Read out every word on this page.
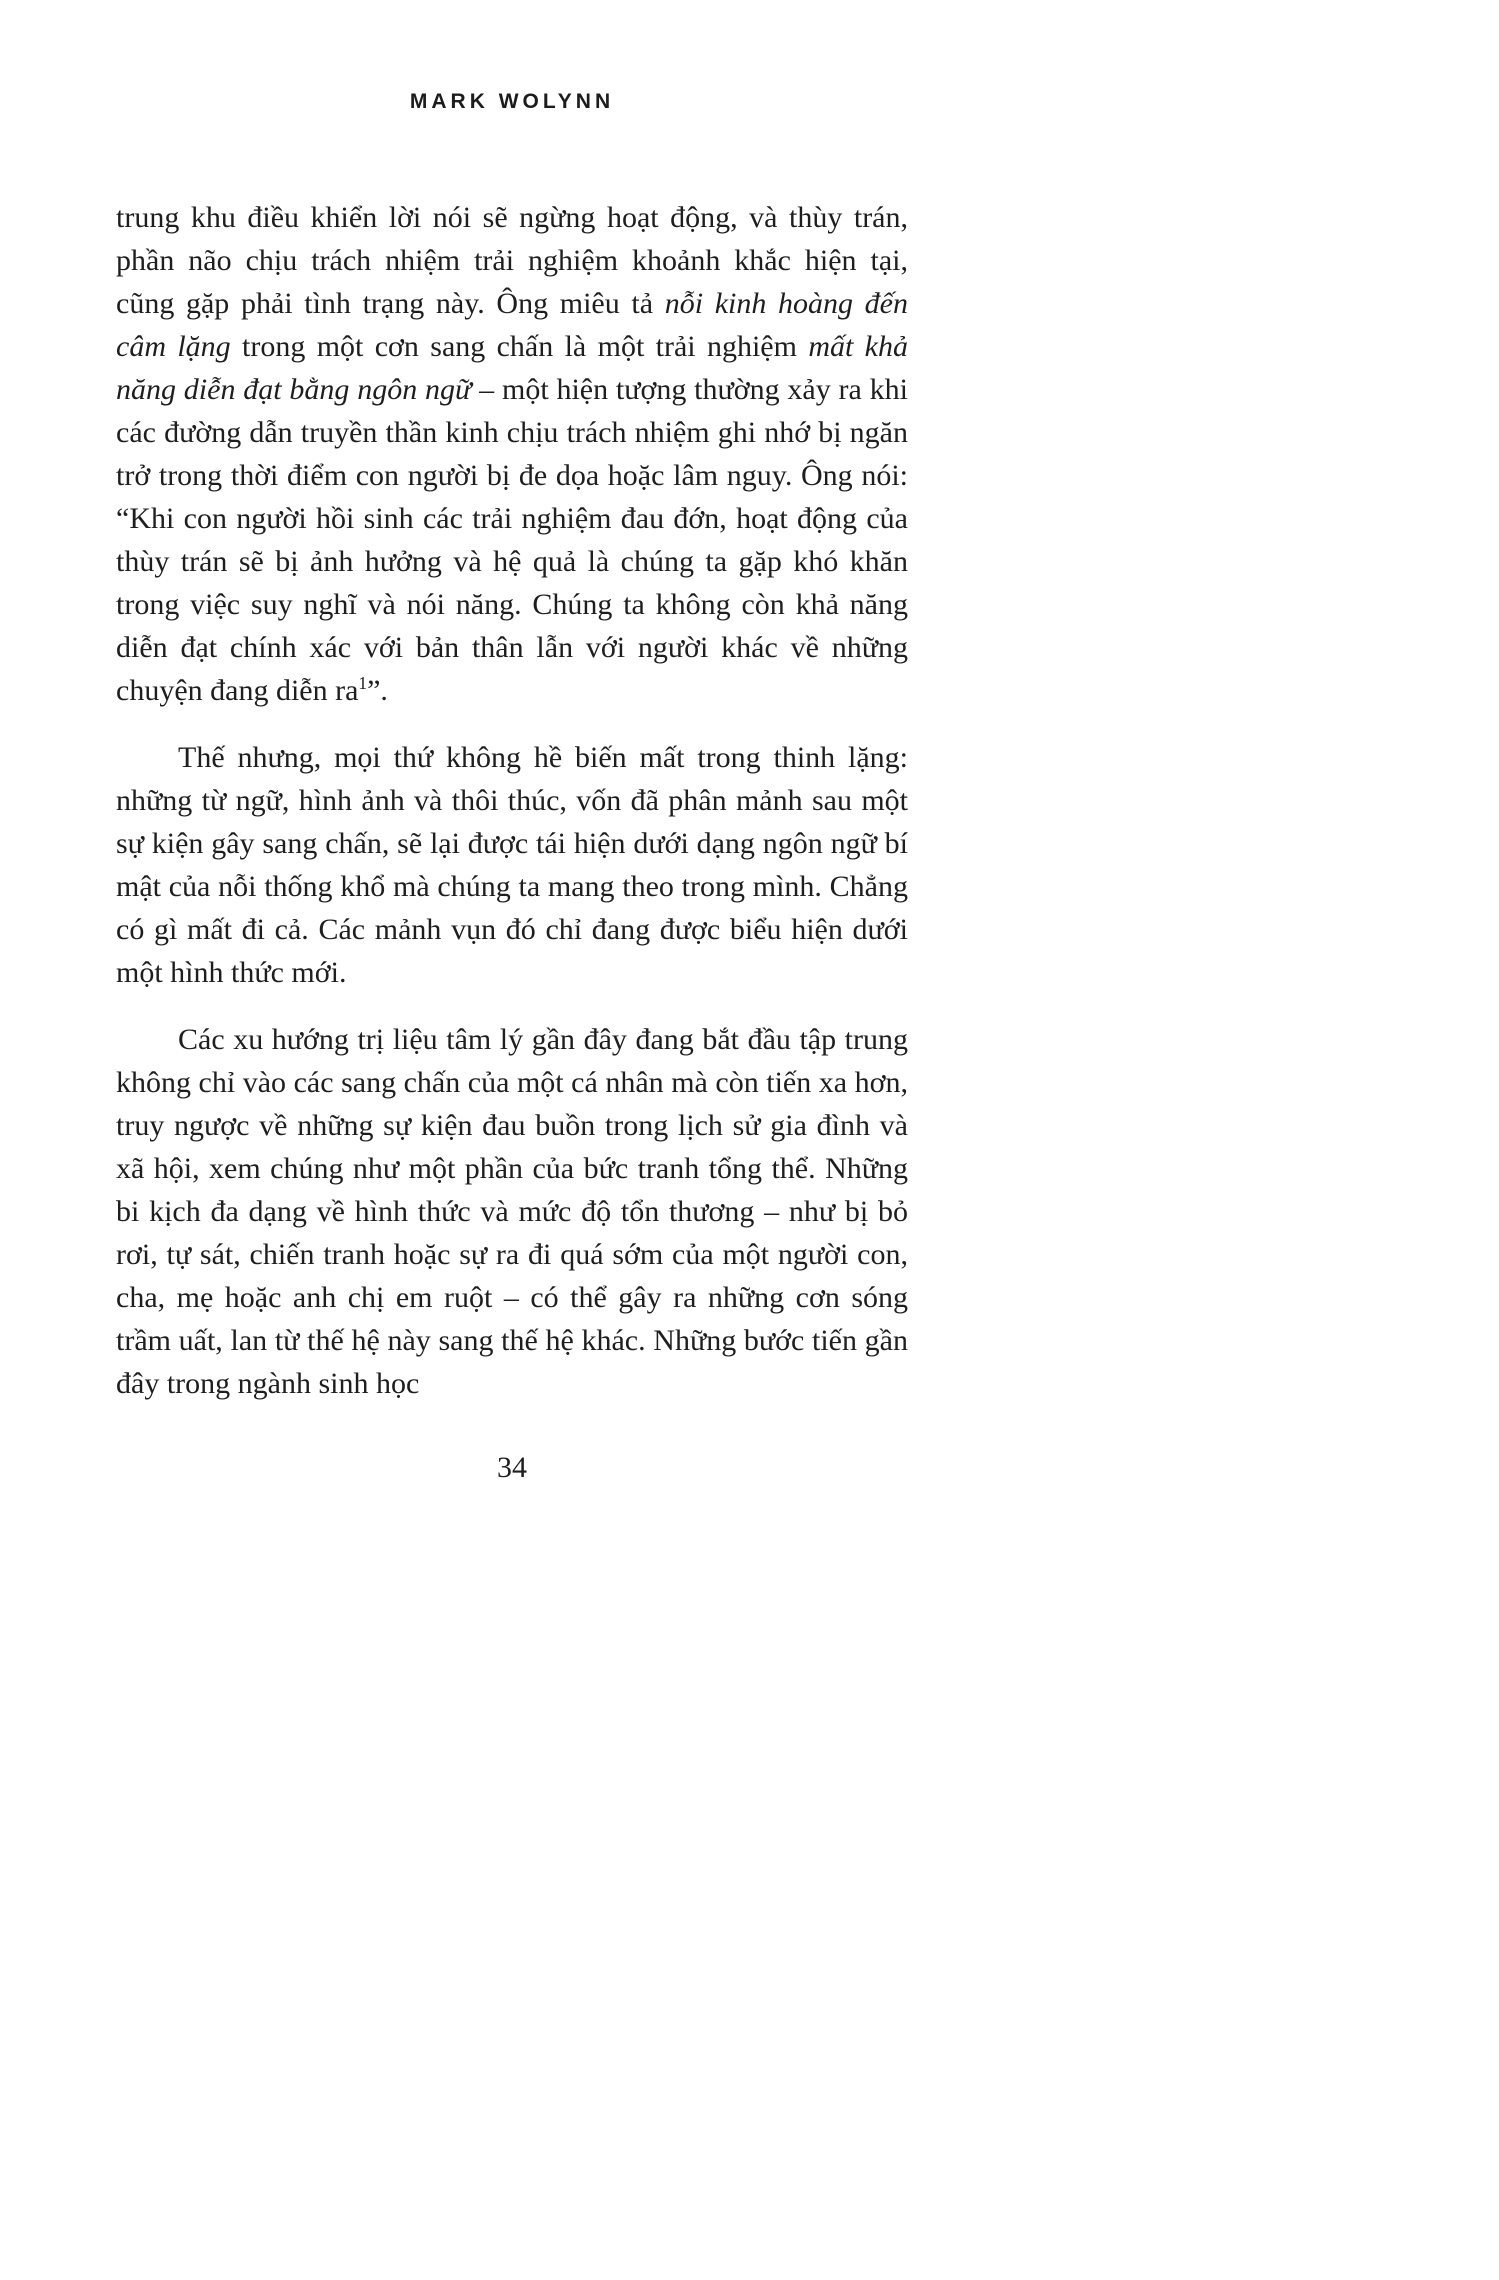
MARK WOLYNN

trung khu điều khiển lời nói sẽ ngừng hoạt động, và thùy trán, phần não chịu trách nhiệm trải nghiệm khoảnh khắc hiện tại, cũng gặp phải tình trạng này. Ông miêu tả nỗi kinh hoàng đến câm lặng trong một cơn sang chấn là một trải nghiệm mất khả năng diễn đạt bằng ngôn ngữ – một hiện tượng thường xảy ra khi các đường dẫn truyền thần kinh chịu trách nhiệm ghi nhớ bị ngăn trở trong thời điểm con người bị đe dọa hoặc lâm nguy. Ông nói: “Khi con người hồi sinh các trải nghiệm đau đớn, hoạt động của thùy trán sẽ bị ảnh hưởng và hệ quả là chúng ta gặp khó khăn trong việc suy nghĩ và nói năng. Chúng ta không còn khả năng diễn đạt chính xác với bản thân lẫn với người khác về những chuyện đang diễn $ra^1$”.

Thế nhưng, mọi thứ không hề biến mất trong thinh lặng: những từ ngữ, hình ảnh và thôi thúc, vốn đã phân mảnh sau một sự kiện gây sang chấn, sẽ lại được tái hiện dưới dạng ngôn ngữ bí mật của nỗi thống khổ mà chúng ta mang theo trong mình. Chẳng có gì mất đi cả. Các mảnh vụn đó chỉ đang được biểu hiện dưới một hình thức mới.

Các xu hướng trị liệu tâm lý gần đây đang bắt đầu tập trung không chỉ vào các sang chấn của một cá nhân mà còn tiến xa hơn, truy ngược về những sự kiện đau buồn trong lịch sử gia đình và xã hội, xem chúng như một phần của bức tranh tổng thể. Những bi kịch đa dạng về hình thức và mức độ tổn thương – như bị bỏ rơi, tự sát, chiến tranh hoặc sự ra đi quá sớm của một người con, cha, mẹ hoặc anh chị em ruột – có thể gây ra những cơn sóng trầm uất, lan từ thế hệ này sang thế hệ khác. Những bước tiến gần đây trong ngành sinh học

34
